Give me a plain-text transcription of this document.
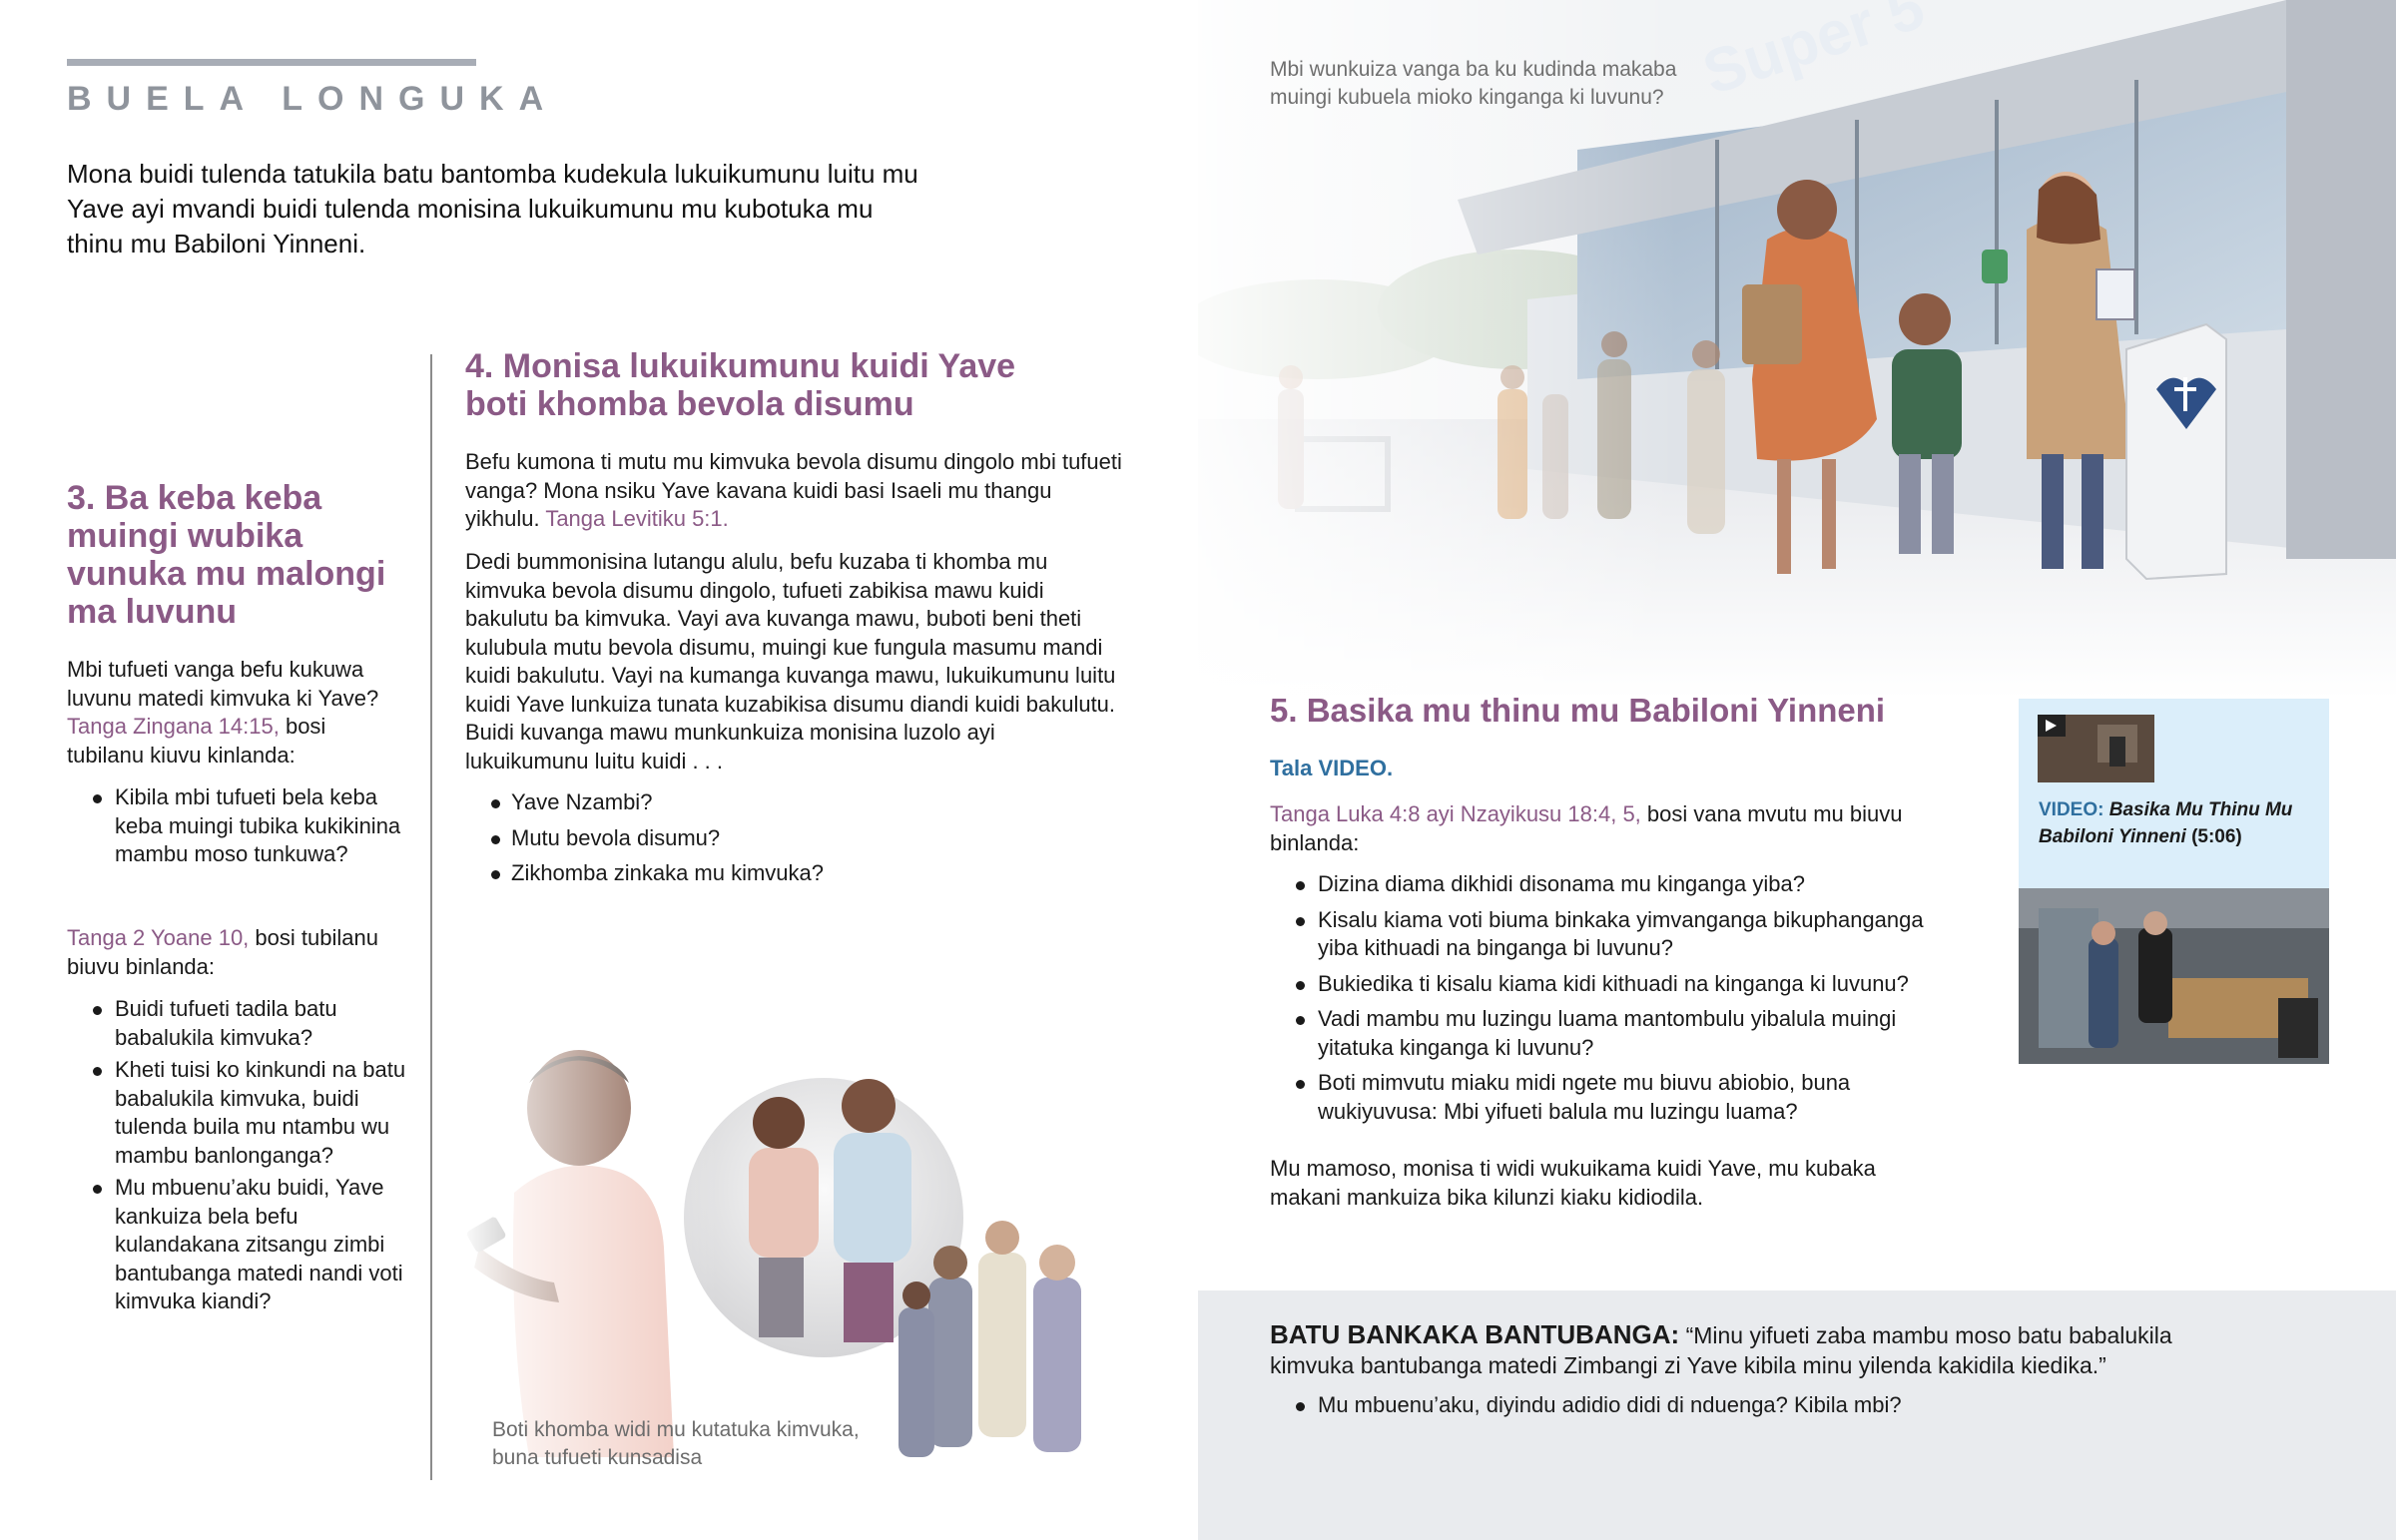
BUELA LONGUKA
Mona buidi tulenda tatukila batu bantomba kudekula lukuikumunu luitu mu Yave ayi mvandi buidi tulenda monisina lukuikumunu mu kubotuka mu thinu mu Babiloni Yinneni.
3. Ba keba keba muingi wubika vunuka mu malongi ma luvunu
Mbi tufueti vanga befu kukuwa luvunu matedi kimvuka ki Yave? Tanga Zingana 14:15, bosi tubilanu kiuvu kinlanda:
Kibila mbi tufueti bela keba keba muingi tubika kukikinina mambu moso tunkuwa?
Tanga 2 Yoane 10, bosi tubilanu biuvu binlanda:
Buidi tufueti tadila batu babalukila kimvuka?
Kheti tuisi ko kinkundi na batu babalukila kimvuka, buidi tulenda buila mu ntambu wu mambu banlonganga?
Mu mbuenu’aku buidi, Yave kankuiza bela befu kulandakana zitsangu zimbi bantubanga matedi nandi voti kimvuka kiandi?
4. Monisa lukuikumunu kuidi Yave boti khomba bevola disumu
Befu kumona ti mutu mu kimvuka bevola disumu dingolo mbi tufueti vanga? Mona nsiku Yave kavana kuidi basi Isaeli mu thangu yikhulu. Tanga Levitiku 5:1.
Dedi bummonisina lutangu alulu, befu kuzaba ti khomba mu kimvuka bevola disumu dingolo, tufueti zabikisa mawu kuidi bakulutu ba kimvuka. Vayi ava kuvanga mawu, buboti beni theti kulubula mutu bevola disumu, muingi kue fungula masumu mandi kuidi bakulutu. Vayi na kumanga kuvanga mawu, lukuikumunu luitu kuidi Yave lunkuiza tunata kuzabikisa disumu diandi kuidi bakulutu. Buidi kuvanga mawu munkunkuiza monisina luzolo ayi lukuikumunu luitu kuidi . . .
Yave Nzambi?
Mutu bevola disumu?
Zikhomba zinkaka mu kimvuka?
Boti khomba widi mu kutatuka kimvuka, buna tufueti kunsadisa
Mbi wunkuiza vanga ba ku kudinda makaba muingi kubuela mioko kinganga ki luvunu?
5. Basika mu thinu mu Babiloni Yinneni
Tala VIDEO.
Tanga Luka 4:8 ayi Nzayikusu 18:4, 5, bosi vana mvutu mu biuvu binlanda:
Dizina diama dikhidi disonama mu kinganga yiba?
Kisalu kiama voti biuma binkaka yimvanganga bikuphanganga yiba kithuadi na binganga bi luvunu?
Bukiedika ti kisalu kiama kidi kithuadi na kinganga ki luvunu?
Vadi mambu mu luzingu luama mantombulu yibalula muingi yitatuka kinganga ki luvunu?
Boti mimvutu miaku midi ngete mu biuvu abiobio, buna wukiyuvusa: Mbi yifueti balula mu luzingu luama?
Mu mamoso, monisa ti widi wukuikama kuidi Yave, mu kubaka makani mankuiza bika kilunzi kiaku kidiodila.
VIDEO: Basika Mu Thinu Mu Babiloni Yinneni (5:06)
BATU BANKAKA BANTUBANGA: “Minu yifueti zaba mambu moso batu babalukila kimvuka bantubanga matedi Zimbangi zi Yave kibila minu yilenda kakidila kiedika.”
Mu mbuenu’aku, diyindu adidio didi di nduenga? Kibila mbi?
